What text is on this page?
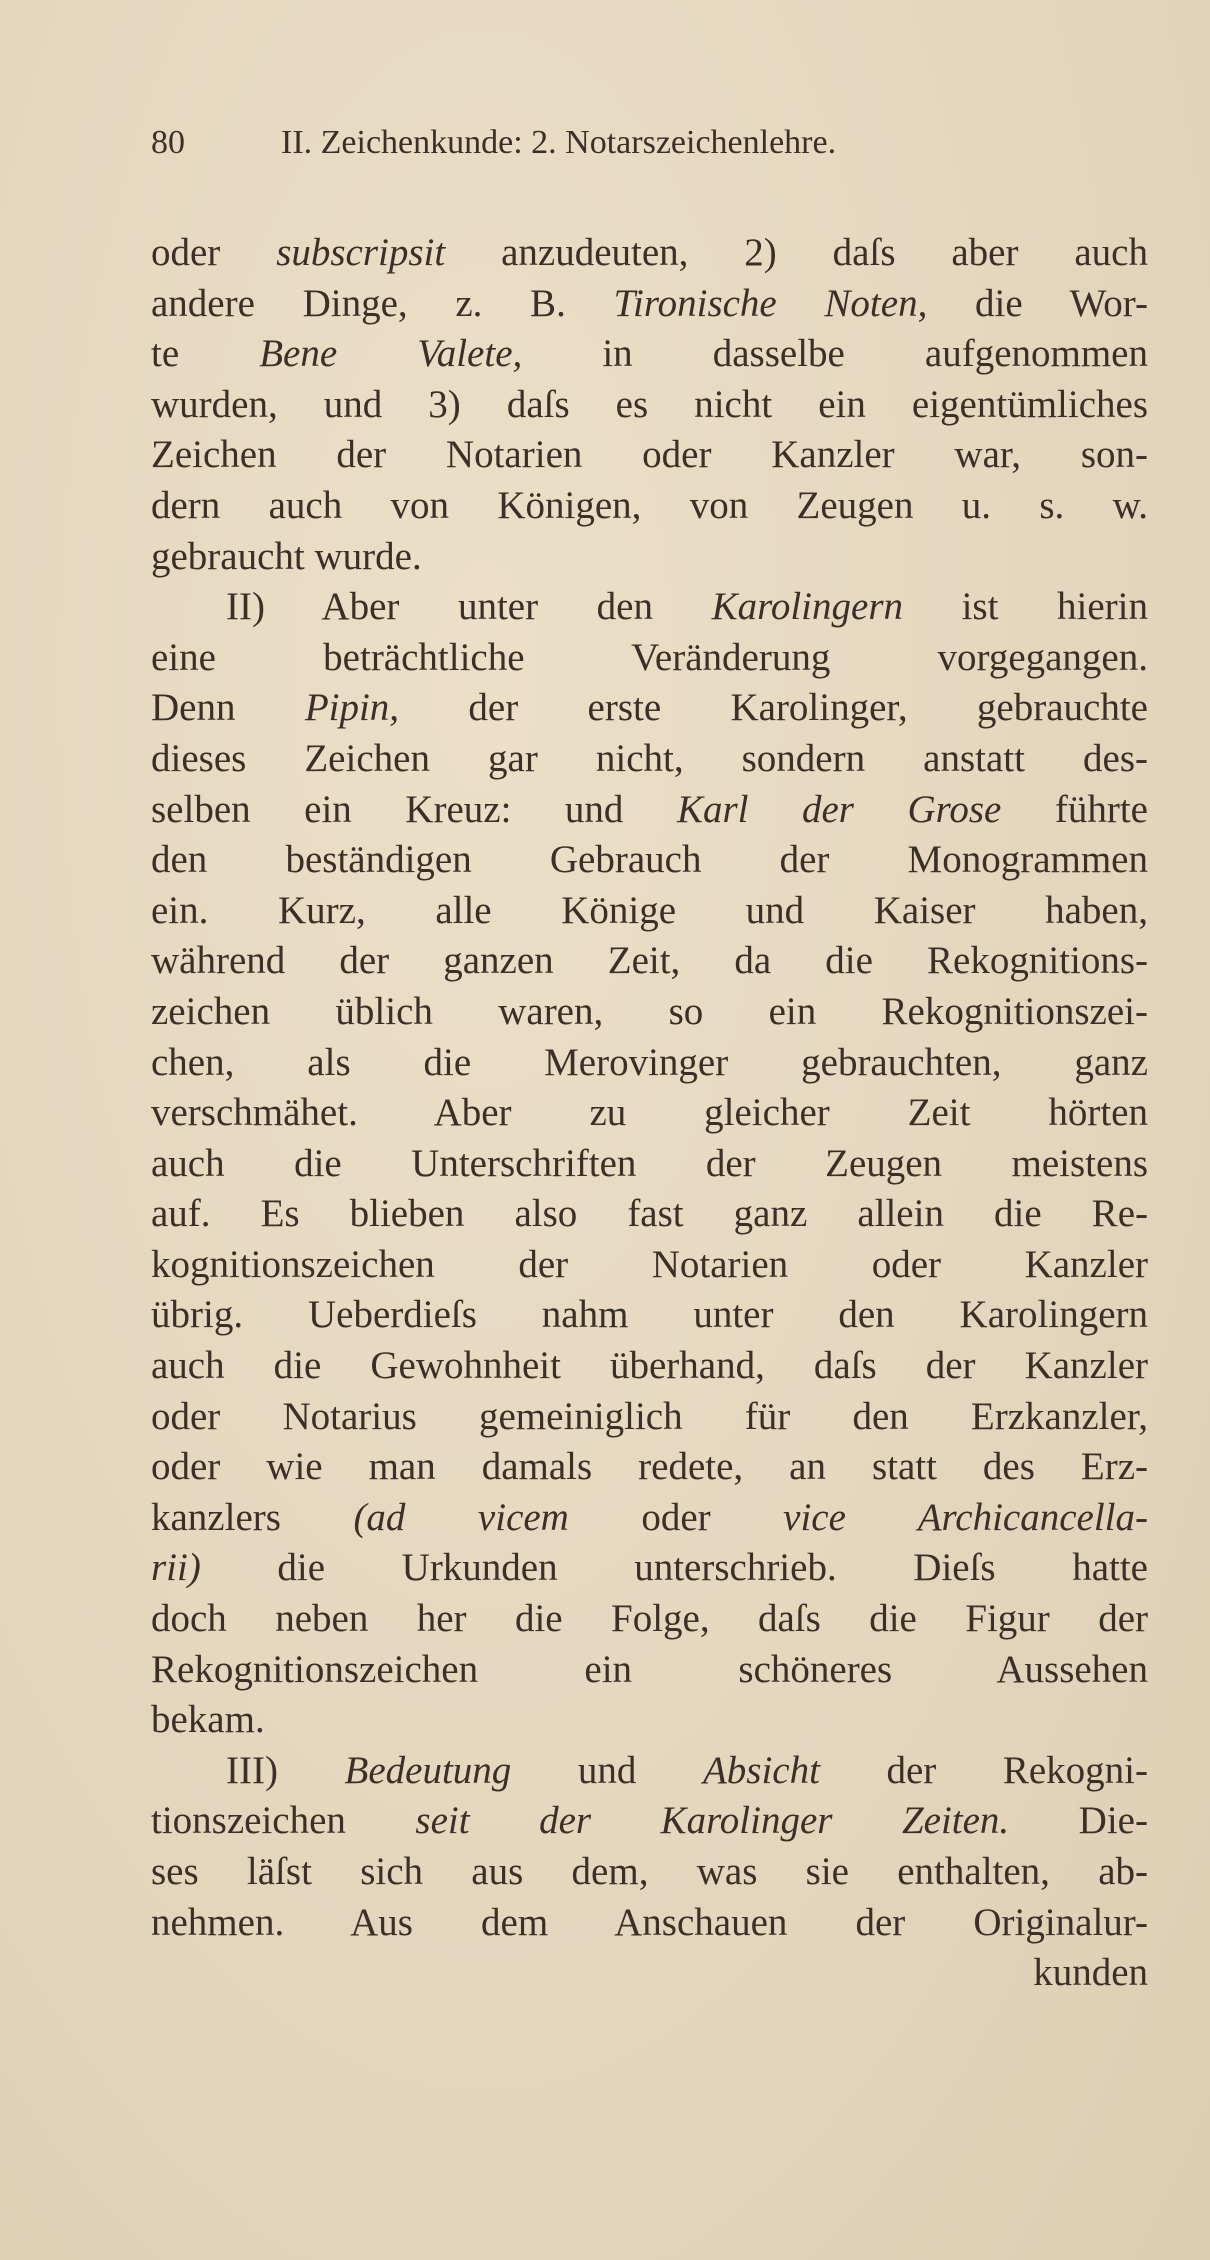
80	II. Zeichenkunde: 2. Notarszeichenlehre.
oder subscripsit anzudeuten, 2) daſs aber auch
andere Dinge, z. B. Tironische Noten, die Wor-
te Bene Valete, in dasselbe aufgenommen
wurden, und 3) daſs es nicht ein eigentümliches
Zeichen der Notarien oder Kanzler war, son-
dern auch von Königen, von Zeugen u. s. w.
gebraucht wurde.
II) Aber unter den Karolingern ist hierin
eine beträchtliche Veränderung vorgegangen.
Denn Pipin, der erste Karolinger, gebrauchte
dieses Zeichen gar nicht, sondern anstatt des-
selben ein Kreuz: und Karl der Grose führte
den beständigen Gebrauch der Monogrammen
ein. Kurz, alle Könige und Kaiser haben,
während der ganzen Zeit, da die Rekognitions-
zeichen üblich waren, so ein Rekognitionszei-
chen, als die Merovinger gebrauchten, ganz
verschmähet. Aber zu gleicher Zeit hörten
auch die Unterschriften der Zeugen meistens
auf. Es blieben also fast ganz allein die Re-
kognitionszeichen der Notarien oder Kanzler
übrig. Ueberdieſs nahm unter den Karolingern
auch die Gewohnheit überhand, daſs der Kanzler
oder Notarius gemeiniglich für den Erzkanzler,
oder wie man damals redete, an statt des Erz-
kanzlers (ad vicem oder vice Archicancella-
rii) die Urkunden unterschrieb. Dieſs hatte
doch neben her die Folge, daſs die Figur der
Rekognitionszeichen ein schöneres Aussehen
bekam.
III) Bedeutung und Absicht der Rekogni-
tionszeichen seit der Karolinger Zeiten. Die-
ses läſst sich aus dem, was sie enthalten, ab-
nehmen. Aus dem Anschauen der Originalur-
kunden
